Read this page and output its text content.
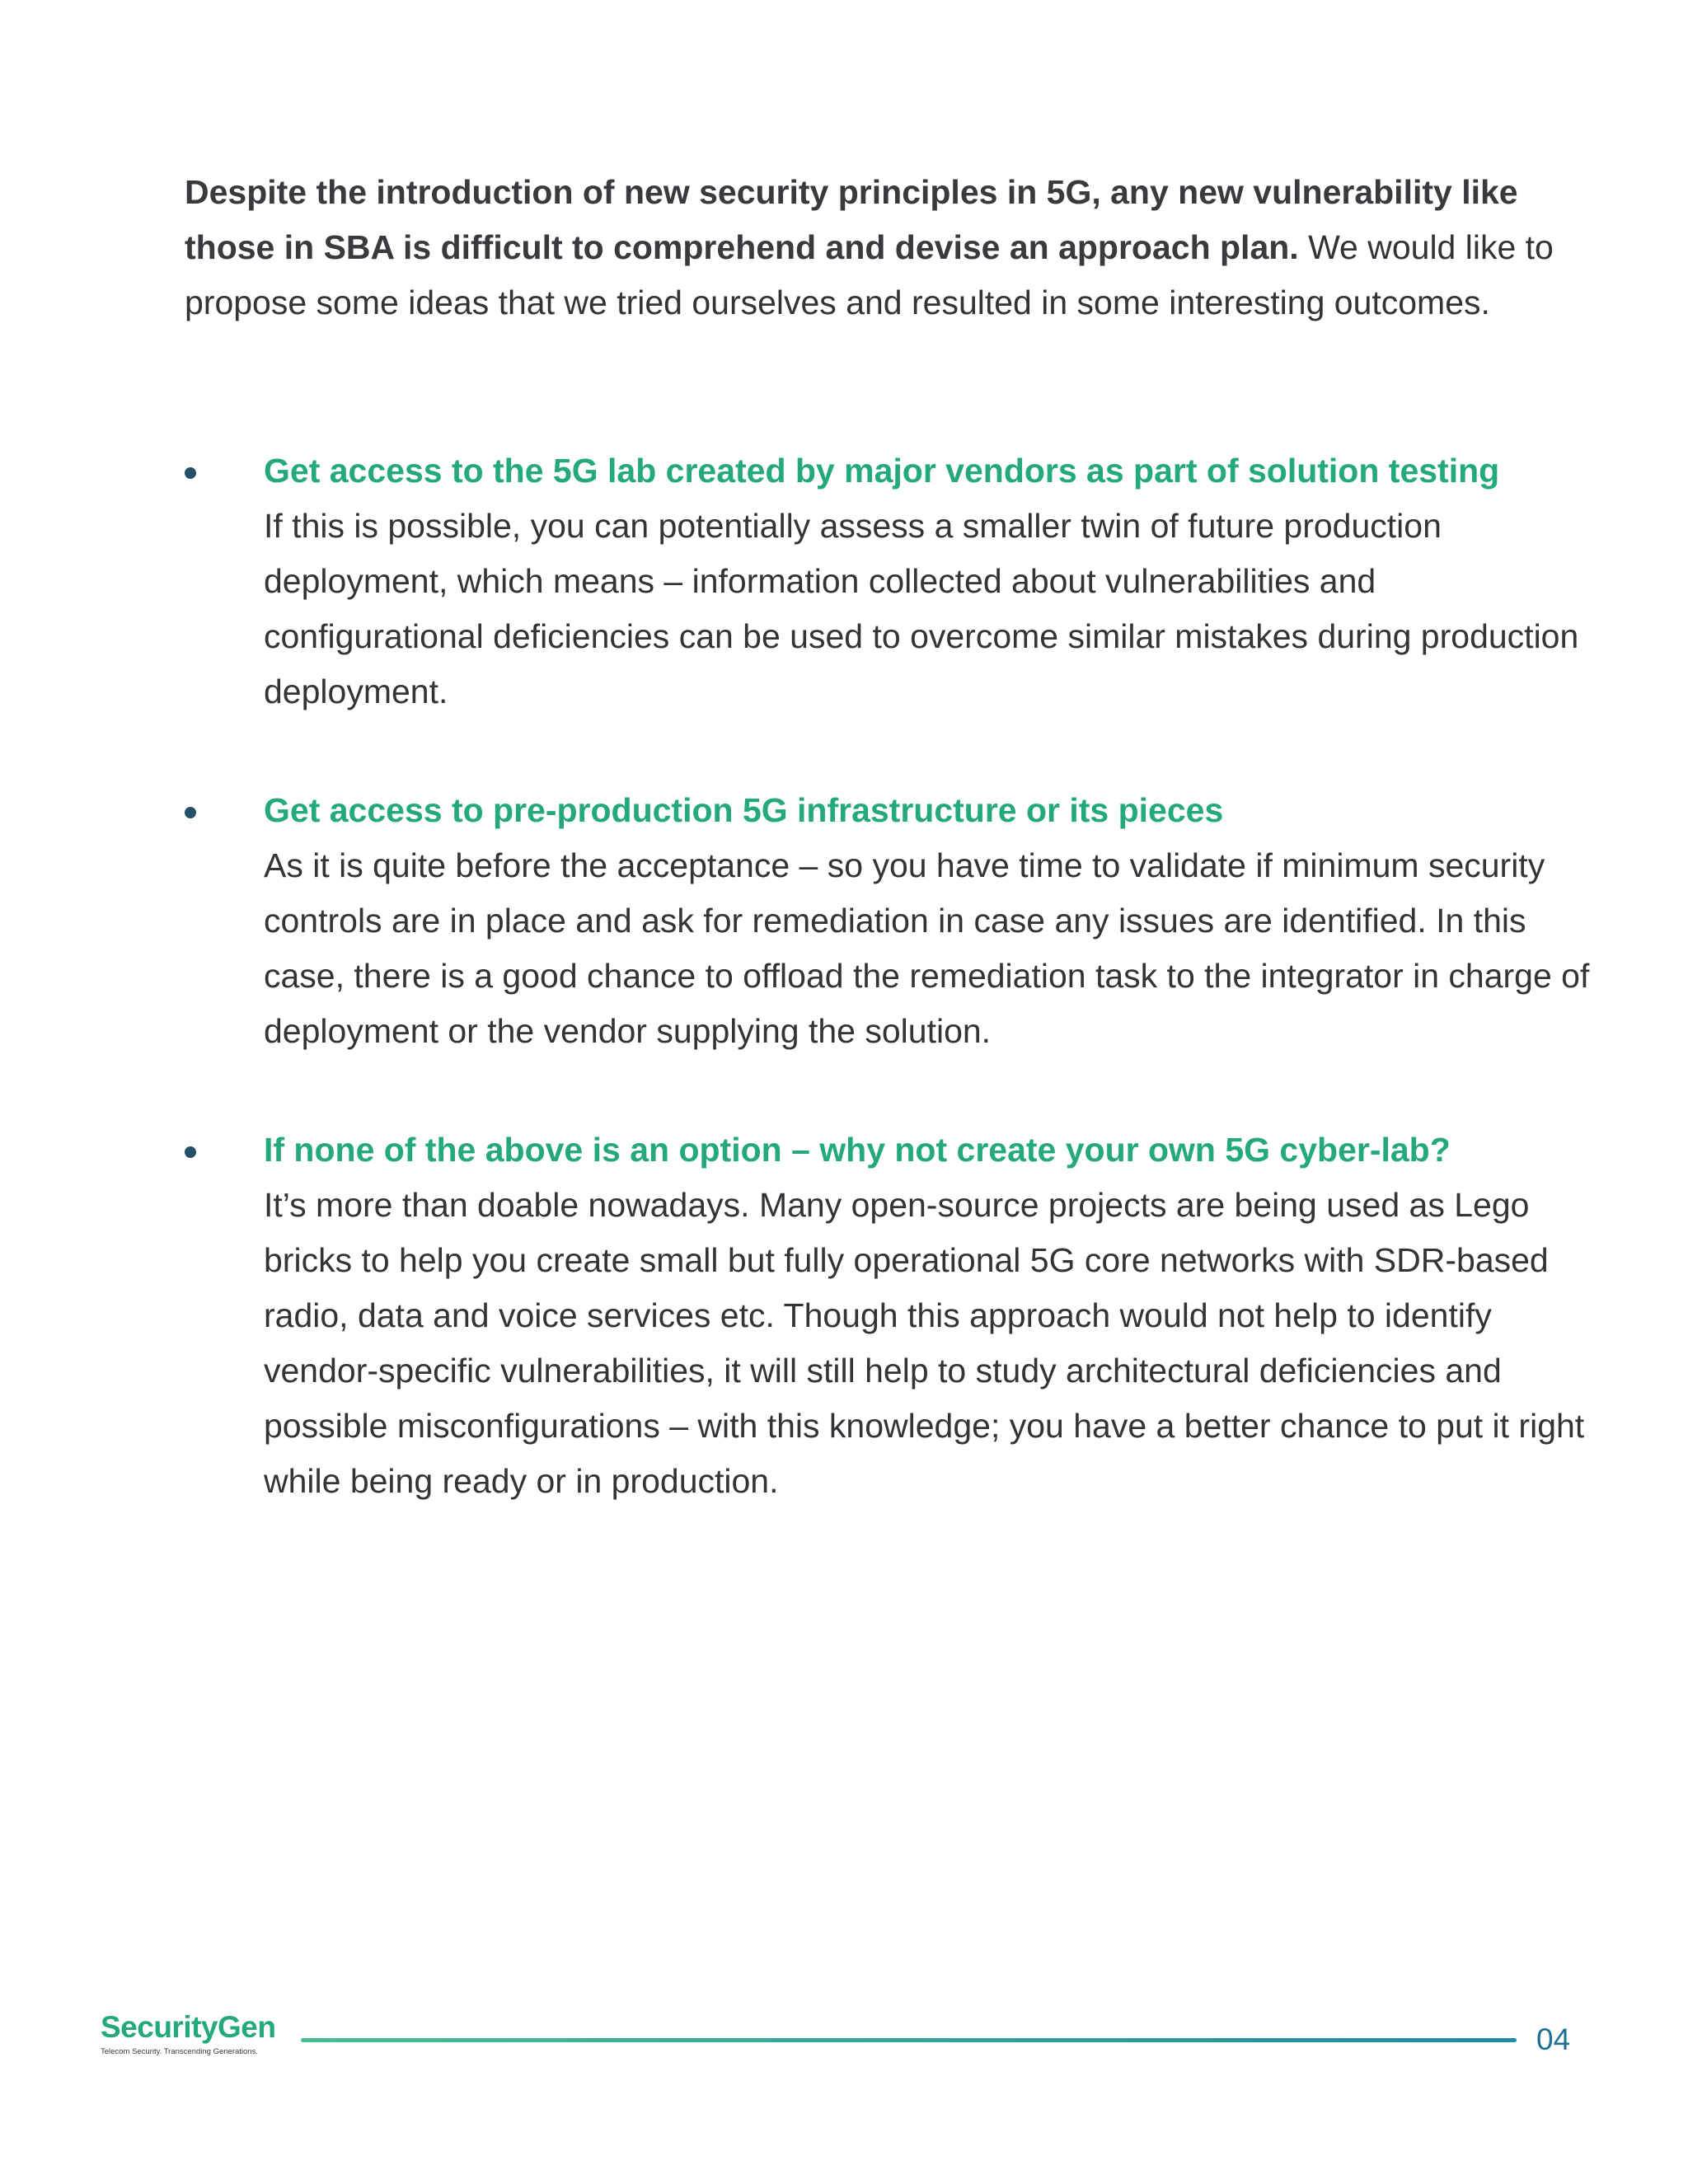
Despite the introduction of new security principles in 5G, any new vulnerability like those in SBA is difficult to comprehend and devise an approach plan. We would like to propose some ideas that we tried ourselves and resulted in some interesting outcomes.

Get access to the 5G lab created by major vendors as part of solution testing
If this is possible, you can potentially assess a smaller twin of future production deployment, which means – information collected about vulnerabilities and configurational deficiencies can be used to overcome similar mistakes during production deployment.
Get access to pre-production 5G infrastructure or its pieces
As it is quite before the acceptance – so you have time to validate if minimum security controls are in place and ask for remediation in case any issues are identified. In this case, there is a good chance to offload the remediation task to the integrator in charge of deployment or the vendor supplying the solution.
If none of the above is an option – why not create your own 5G cyber-lab?
It’s more than doable nowadays. Many open-source projects are being used as Lego bricks to help you create small but fully operational 5G core networks with SDR-based radio, data and voice services etc. Though this approach would not help to identify vendor-specific vulnerabilities, it will still help to study architectural deficiencies and possible misconfigurations – with this knowledge; you have a better chance to put it right while being ready or in production.
SecurityGen
Telecom Security. Transcending Generations.	04
